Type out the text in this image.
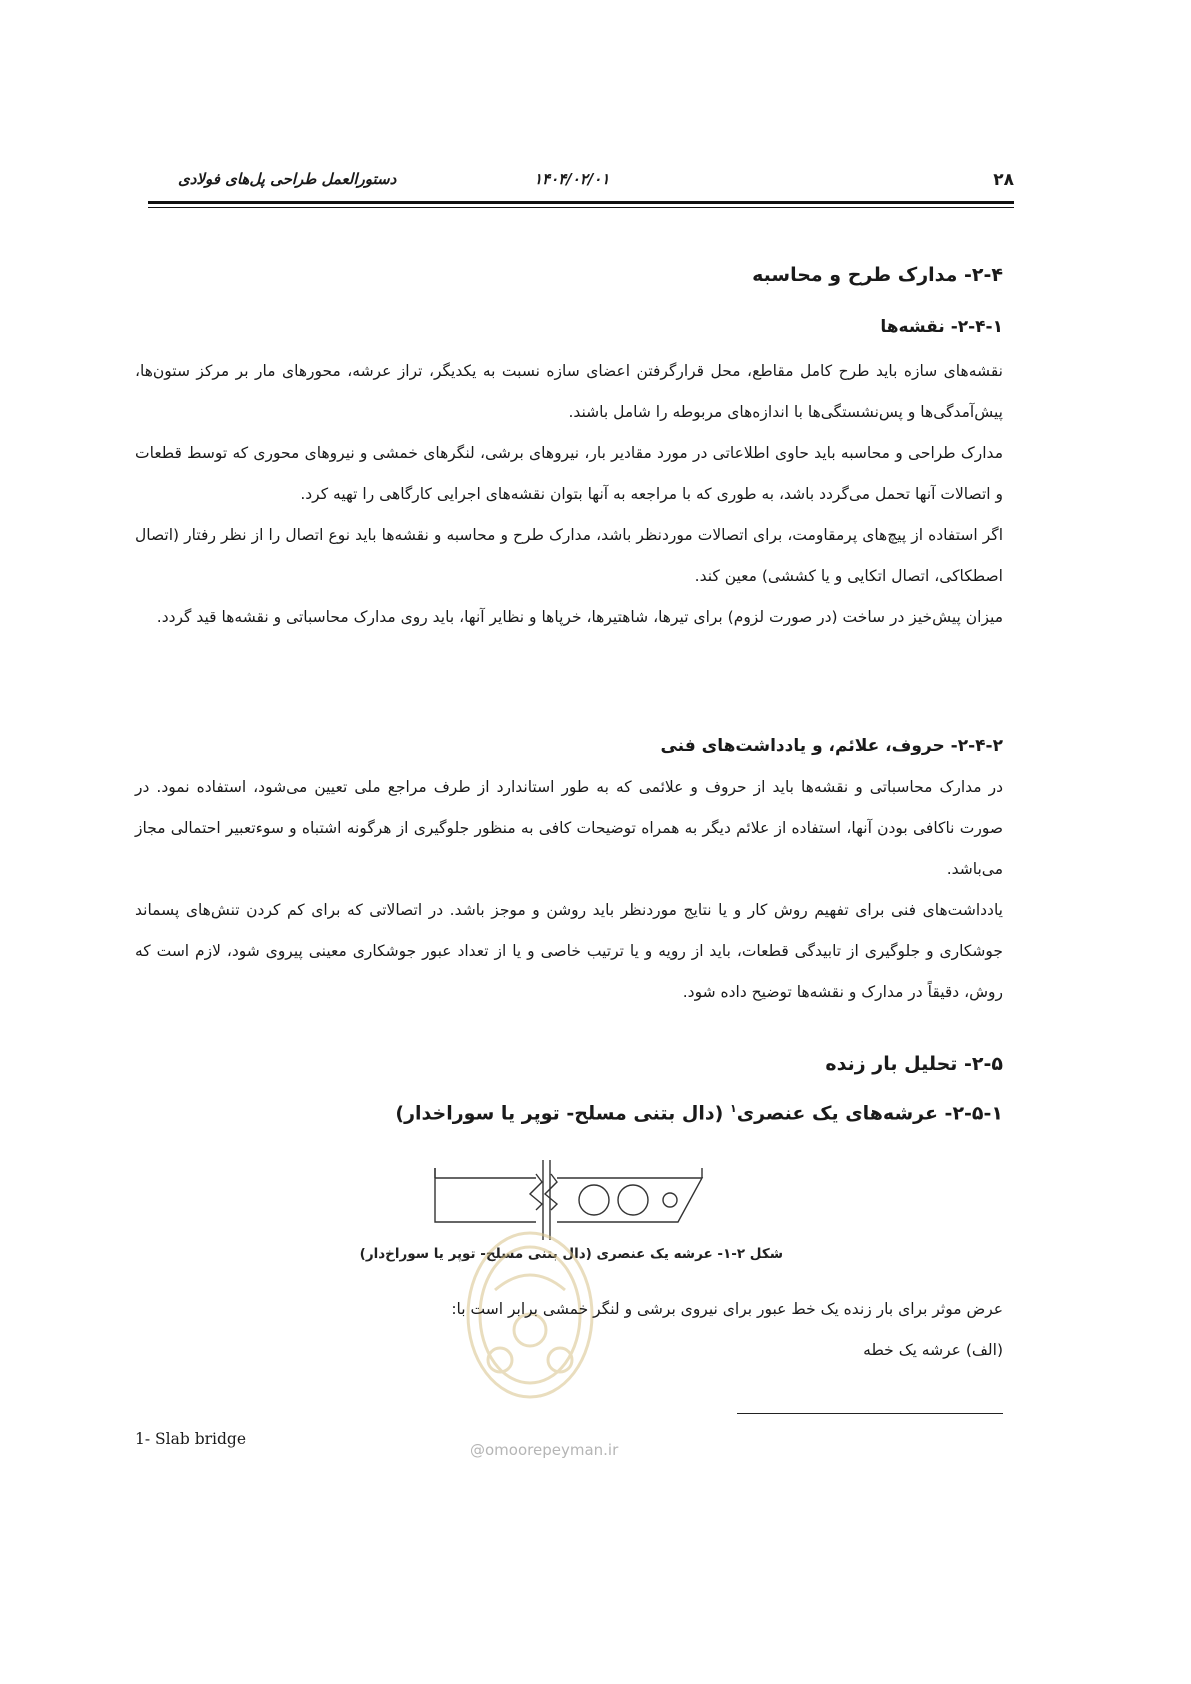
۲۸
۱۴۰۴/۰۲/۰۱
دستورالعمل طراحی پل‌های فولادی

۲-۴- مدارک طرح و محاسبه

۲-۴-۱- نقشه‌ها

نقشه‌های سازه باید طرح کامل مقاطع، محل قرارگرفتن اعضای سازه نسبت به یکدیگر، تراز عرشه، محورهای مار بر مرکز ستون‌ها، پیش‌آمدگی‌ها و پس‌نشستگی‌ها با اندازه‌های مربوطه را شامل باشند.

مدارک طراحی و محاسبه باید حاوی اطلاعاتی در مورد مقادیر بار، نیروهای برشی، لنگرهای خمشی و نیروهای محوری که توسط قطعات و اتصالات آنها تحمل می‌گردد باشد، به طوری که با مراجعه به آنها بتوان نقشه‌های اجرایی کارگاهی را تهیه کرد.

اگر استفاده از پیچ‌های پرمقاومت، برای اتصالات موردنظر باشد، مدارک طرح و محاسبه و نقشه‌ها باید نوع اتصال را از نظر رفتار (اتصال اصطکاکی، اتصال اتکایی و یا کششی) معین کند.

میزان پیش‌خیز در ساخت (در صورت لزوم) برای تیرها، شاهتیرها، خرپاها و نظایر آنها، باید روی مدارک محاسباتی و نقشه‌ها قید گردد.

۲-۴-۲- حروف، علائم، و یادداشت‌های فنی

در مدارک محاسباتی و نقشه‌ها باید از حروف و علائمی که به طور استاندارد از طرف مراجع ملی تعیین می‌شود، استفاده نمود. در صورت ناکافی بودن آنها، استفاده از علائم دیگر به همراه توضیحات کافی به منظور جلوگیری از هرگونه اشتباه و سوءتعبیر احتمالی مجاز می‌باشد.

یادداشت‌های فنی برای تفهیم روش کار و یا نتایج موردنظر باید روشن و موجز باشد. در اتصالاتی که برای کم کردن تنش‌های پسماند جوشکاری و جلوگیری از تابیدگی قطعات، باید از رویه و یا ترتیب خاصی و یا از تعداد عبور جوشکاری معینی پیروی شود، لازم است که روش، دقیقاً در مدارک و نقشه‌ها توضیح داده شود.

۲-۵- تحلیل بار زنده

۲-۵-۱- عرشه‌های یک عنصری$^۱$ (دال بتنی مسلح- توپر یا سوراخدار)

شکل ۲-۱- عرشه یک عنصری (دال بتنی مسلح- توپر یا سوراخ‌دار)
@omoorepeyman.ir

عرض موثر برای بار زنده یک خط عبور برای نیروی برشی و لنگر خمشی برابر است با:

(الف) عرشه یک خطه

1- Slab bridge
